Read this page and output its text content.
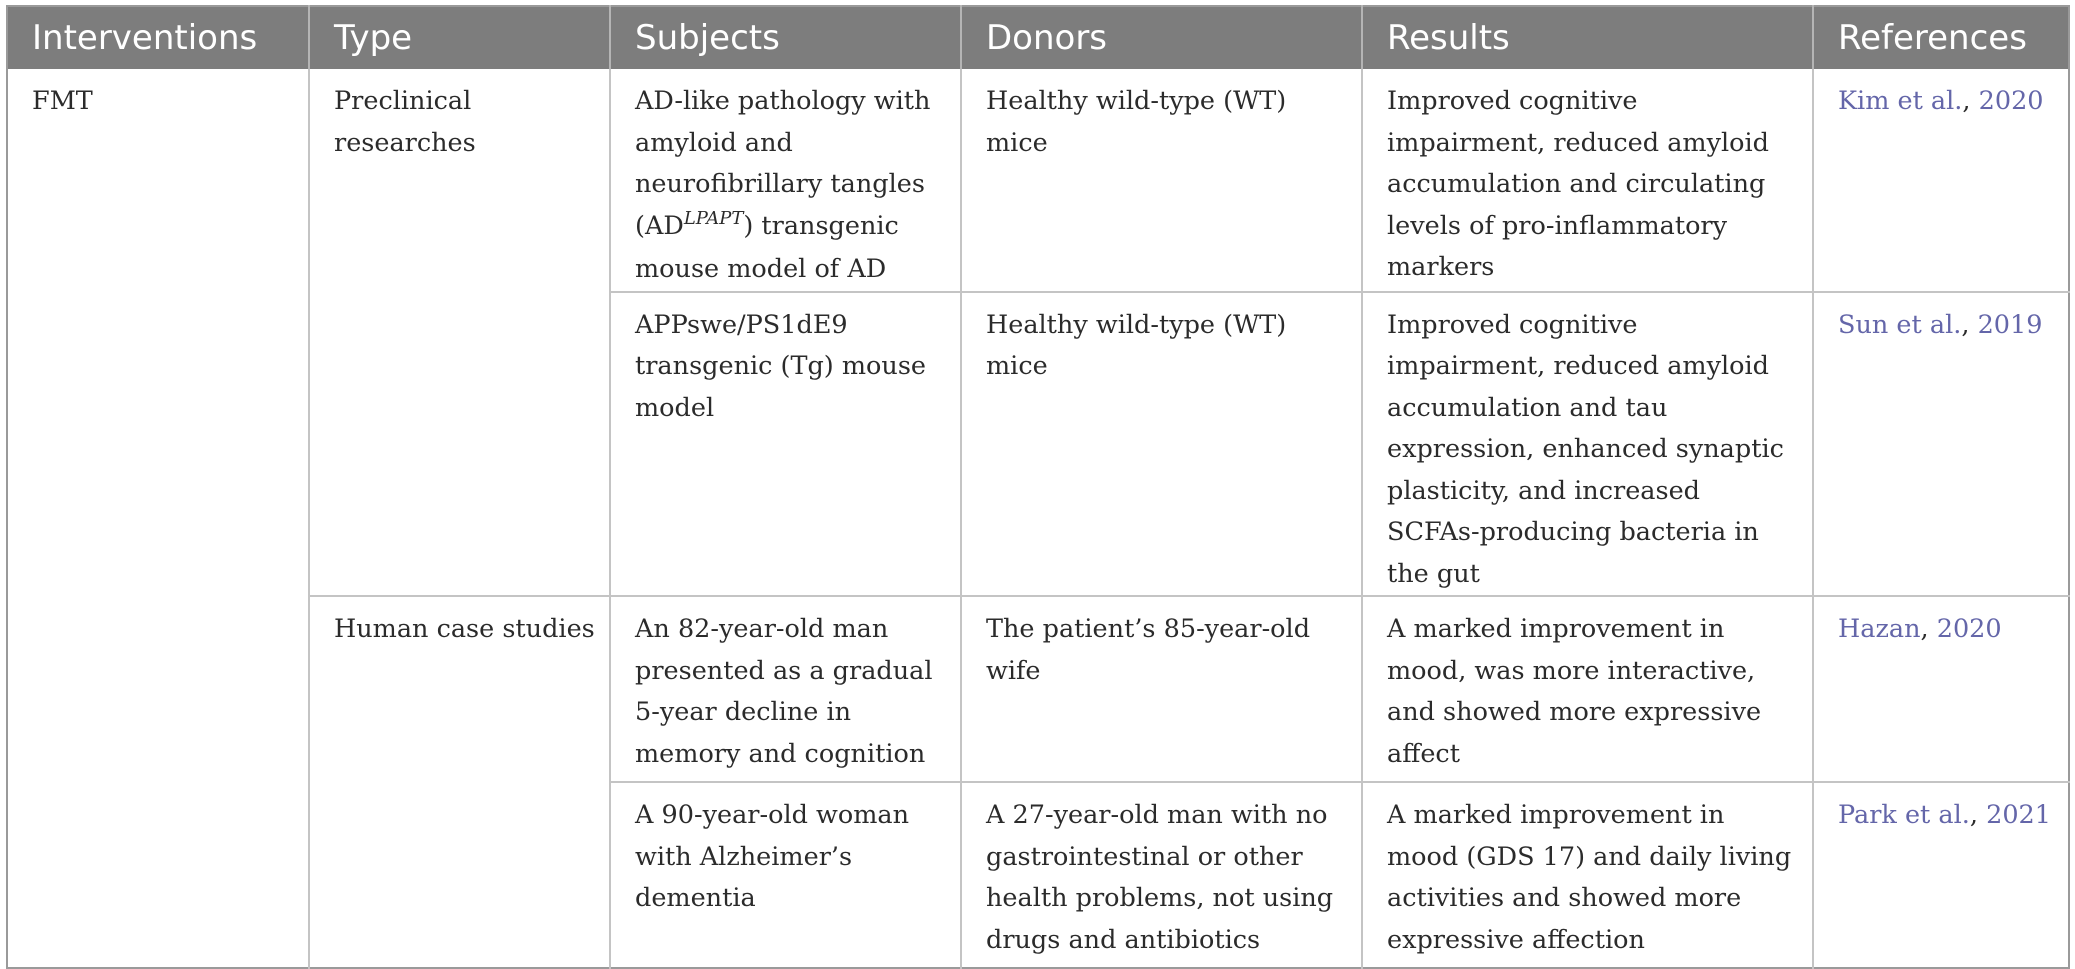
Interventions	Type	Subjects	Donors	Results	References
FMT	Preclinical researches	AD-like pathology with amyloid and neurofibrillary tangles $(AD^{LPAPT})$ transgenic mouse model of AD	Healthy wild-type (WT) mice	Improved cognitive impairment, reduced amyloid accumulation and circulating levels of pro-inflammatory markers	Kim et al., 2020
		APPswe/PS1dE9 transgenic (Tg) mouse model	Healthy wild-type (WT) mice	Improved cognitive impairment, reduced amyloid accumulation and tau expression, enhanced synaptic plasticity, and increased SCFAs-producing bacteria in the gut	Sun et al., 2019
	Human case studies	An 82-year-old man presented as a gradual 5-year decline in memory and cognition	The patient’s 85-year-old wife	A marked improvement in mood, was more interactive, and showed more expressive affect	Hazan, 2020
		A 90-year-old woman with Alzheimer’s dementia	A 27-year-old man with no gastrointestinal or other health problems, not using drugs and antibiotics	A marked improvement in mood (GDS 17) and daily living activities and showed more expressive affection	Park et al., 2021
